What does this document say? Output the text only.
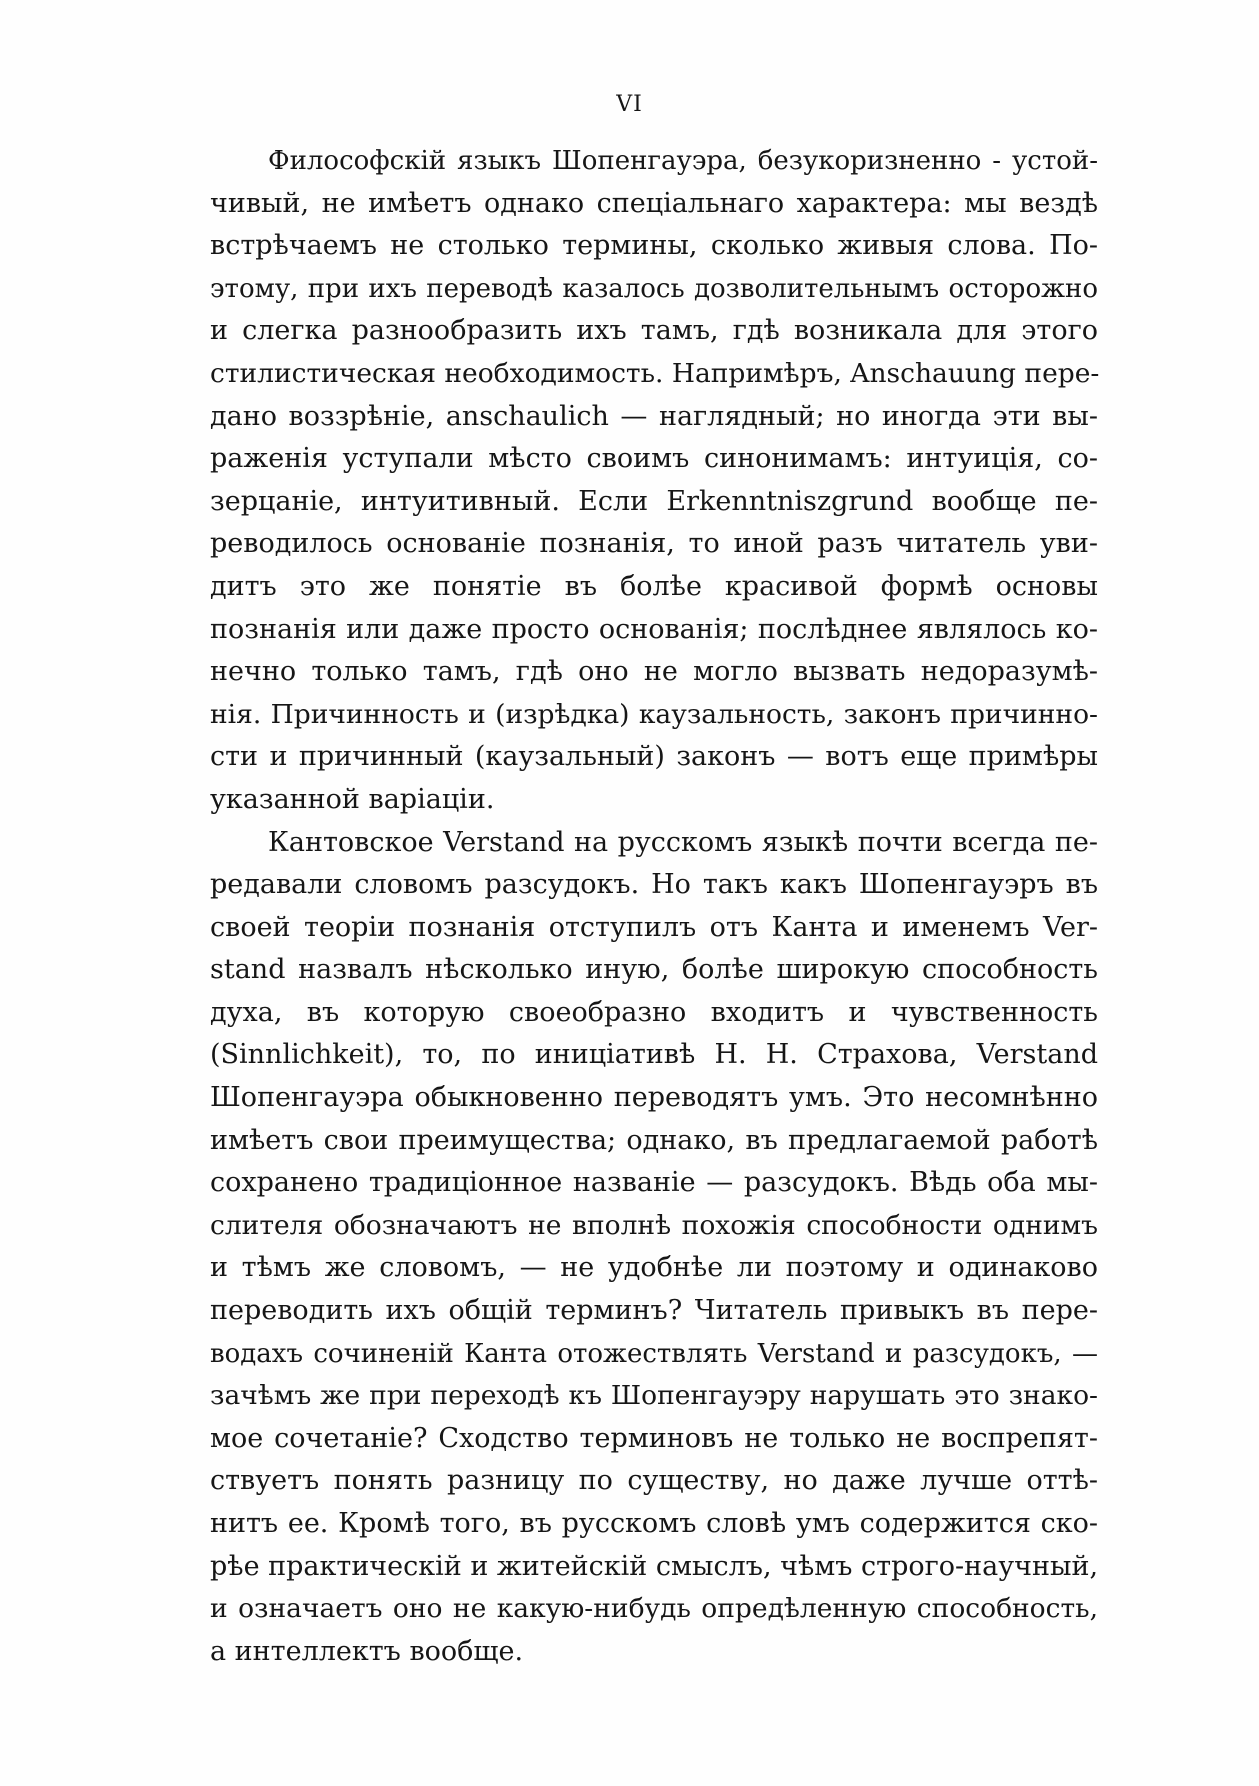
VI
Философскій языкъ Шопенгауэра, безукоризненно - устой-
чивый, не имѣетъ однако спеціальнаго характера: мы вездѣ
встрѣчаемъ не столько термины, сколько живыя слова. По-
этому, при ихъ переводѣ казалось дозволительнымъ осторожно
и слегка разнообразить ихъ тамъ, гдѣ возникала для этого
стилистическая необходимость. Напримѣръ, Anschauung пере-
дано воззрѣніе, anschaulich — наглядный; но иногда эти вы-
раженія уступали мѣсто своимъ синонимамъ: интуиція, со-
зерцаніе, интуитивный. Если Erkenntniszgrund вообще пе-
реводилось основаніе познанія, то иной разъ читатель уви-
дитъ это же понятіе въ болѣе красивой формѣ основы
познанія или даже просто основанія; послѣднее являлось ко-
нечно только тамъ, гдѣ оно не могло вызвать недоразумѣ-
нія. Причинность и (изрѣдка) каузальность, законъ причинно-
сти и причинный (каузальный) законъ — вотъ еще примѣры
указанной варіаціи.
Кантовское Verstand на русскомъ языкѣ почти всегда пе-
редавали словомъ разсудокъ. Но такъ какъ Шопенгауэръ въ
своей теоріи познанія отступилъ отъ Канта и именемъ Ver-
stand назвалъ нѣсколько иную, болѣе широкую способность
духа, въ которую своеобразно входитъ и чувственность
(Sinnlichkeit), то, по иниціативѣ Н. Н. Страхова, Verstand
Шопенгауэра обыкновенно переводятъ умъ. Это несомнѣнно
имѣетъ свои преимущества; однако, въ предлагаемой работѣ
сохранено традиціонное названіе — разсудокъ. Вѣдь оба мы-
слителя обозначаютъ не вполнѣ похожія способности однимъ
и тѣмъ же словомъ, — не удобнѣе ли поэтому и одинаково
переводить ихъ общій терминъ? Читатель привыкъ въ пере-
водахъ сочиненій Канта отожествлять Verstand и разсудокъ, —
зачѣмъ же при переходѣ къ Шопенгауэру нарушать это знако-
мое сочетаніе? Сходство терминовъ не только не воспрепят-
ствуетъ понять разницу по существу, но даже лучше оттѣ-
нитъ ее. Кромѣ того, въ русскомъ словѣ умъ содержится ско-
рѣе практическій и житейскій смыслъ, чѣмъ строго-научный,
и означаетъ оно не какую-нибудь опредѣленную способность,
а интеллектъ вообще.
